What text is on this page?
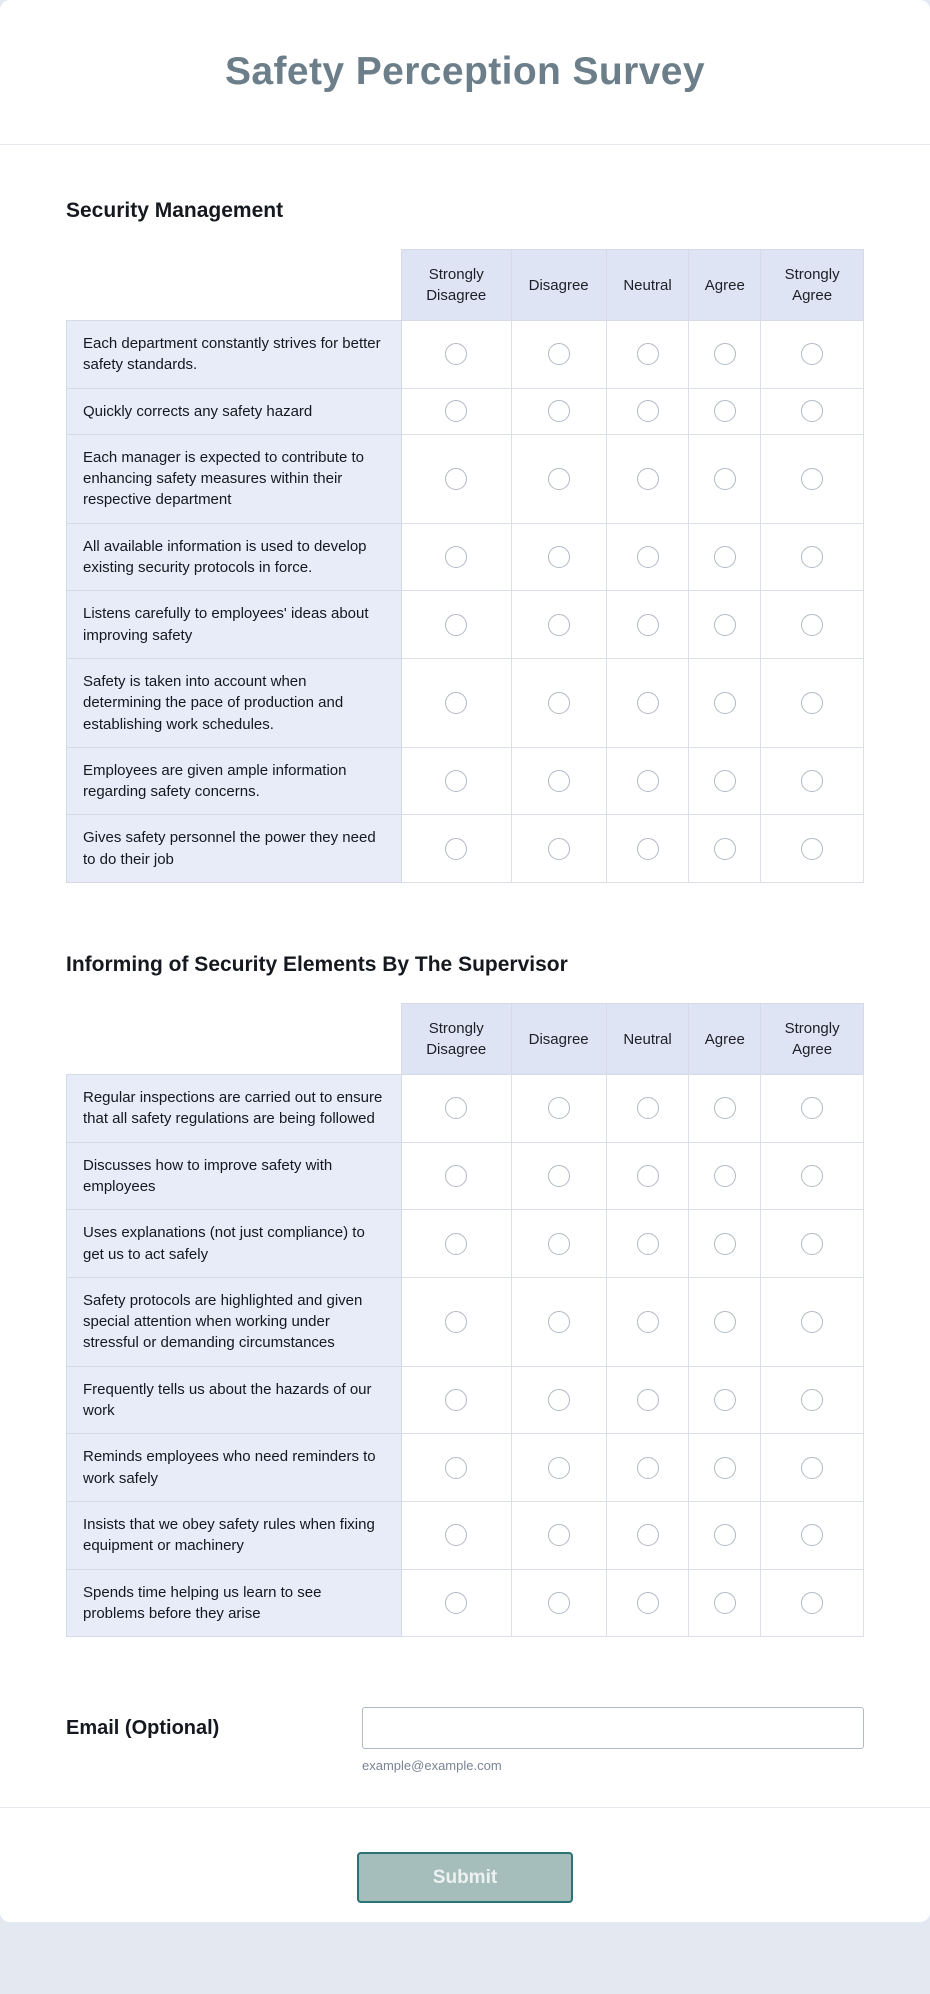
Safety Perception Survey
Security Management
	Strongly Disagree	Disagree	Neutral	Agree	Strongly Agree
Each department constantly strives for better safety standards.					
Quickly corrects any safety hazard					
Each manager is expected to contribute to enhancing safety measures within their respective department					
All available information is used to develop existing security protocols in force.					
Listens carefully to employees' ideas about improving safety					
Safety is taken into account when determining the pace of production and establishing work schedules.					
Employees are given ample information regarding safety concerns.					
Gives safety personnel the power they need to do their job					
Informing of Security Elements By The Supervisor
	Strongly Disagree	Disagree	Neutral	Agree	Strongly Agree
Regular inspections are carried out to ensure that all safety regulations are being followed					
Discusses how to improve safety with employees					
Uses explanations (not just compliance) to get us to act safely					
Safety protocols are highlighted and given special attention when working under stressful or demanding circumstances					
Frequently tells us about the hazards of our work					
Reminds employees who need reminders to work safely					
Insists that we obey safety rules when fixing equipment or machinery					
Spends time helping us learn to see problems before they arise					
Email (Optional)
example@example.com
Submit
